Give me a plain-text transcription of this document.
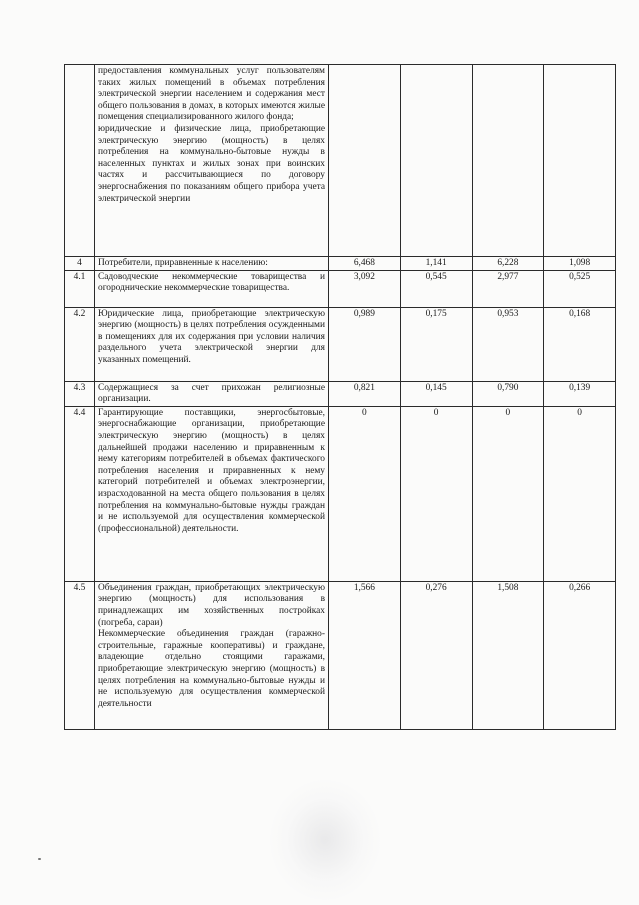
	предоставления коммунальных услуг пользователям таких жилых помещений в объемах потребления электрической энергии населением и содержания мест общего пользования в домах, в которых имеются жилые помещения специализированного жилого фонда;
юридические и физические лица, приобретающие электрическую энергию (мощность) в целях потребления на коммунально-бытовые нужды в населенных пунктах и жилых зонах при воинских частях и рассчитывающиеся по договору энергоснабжения по показаниям общего прибора учета электрической энергии				
4	Потребители, приравненные к населению:	6,468	1,141	6,228	1,098
4.1	Садоводческие некоммерческие товарищества и огороднические некоммерческие товарищества.	3,092	0,545	2,977	0,525
4.2	Юридические лица, приобретающие электрическую энергию (мощность) в целях потребления осужденными в помещениях для их содержания при условии наличия раздельного учета электрической энергии для указанных помещений.	0,989	0,175	0,953	0,168
4.3	Содержащиеся за счет прихожан религиозные организации.	0,821	0,145	0,790	0,139
4.4	Гарантирующие поставщики, энергосбытовые, энергоснабжающие организации, приобретающие электрическую энергию (мощность) в целях дальнейшей продажи населению и приравненным к нему категориям потребителей в объемах фактического потребления населения и приравненных к нему категорий потребителей и объемах электроэнергии, израсходованной на места общего пользования в целях потребления на коммунально-бытовые нужды граждан и не используемой для осуществления коммерческой (профессиональной) деятельности.	0	0	0	0
4.5	Объединения граждан, приобретающих электрическую энергию (мощность) для использования в принадлежащих им хозяйственных постройках (погреба, сараи)
Некоммерческие объединения граждан (гаражно-строительные, гаражные кооперативы) и граждане, владеющие отдельно стоящими гаражами, приобретающие электрическую энергию (мощность) в целях потребления на коммунально-бытовые нужды и не используемую для осуществления коммерческой деятельности	1,566	0,276	1,508	0,266
